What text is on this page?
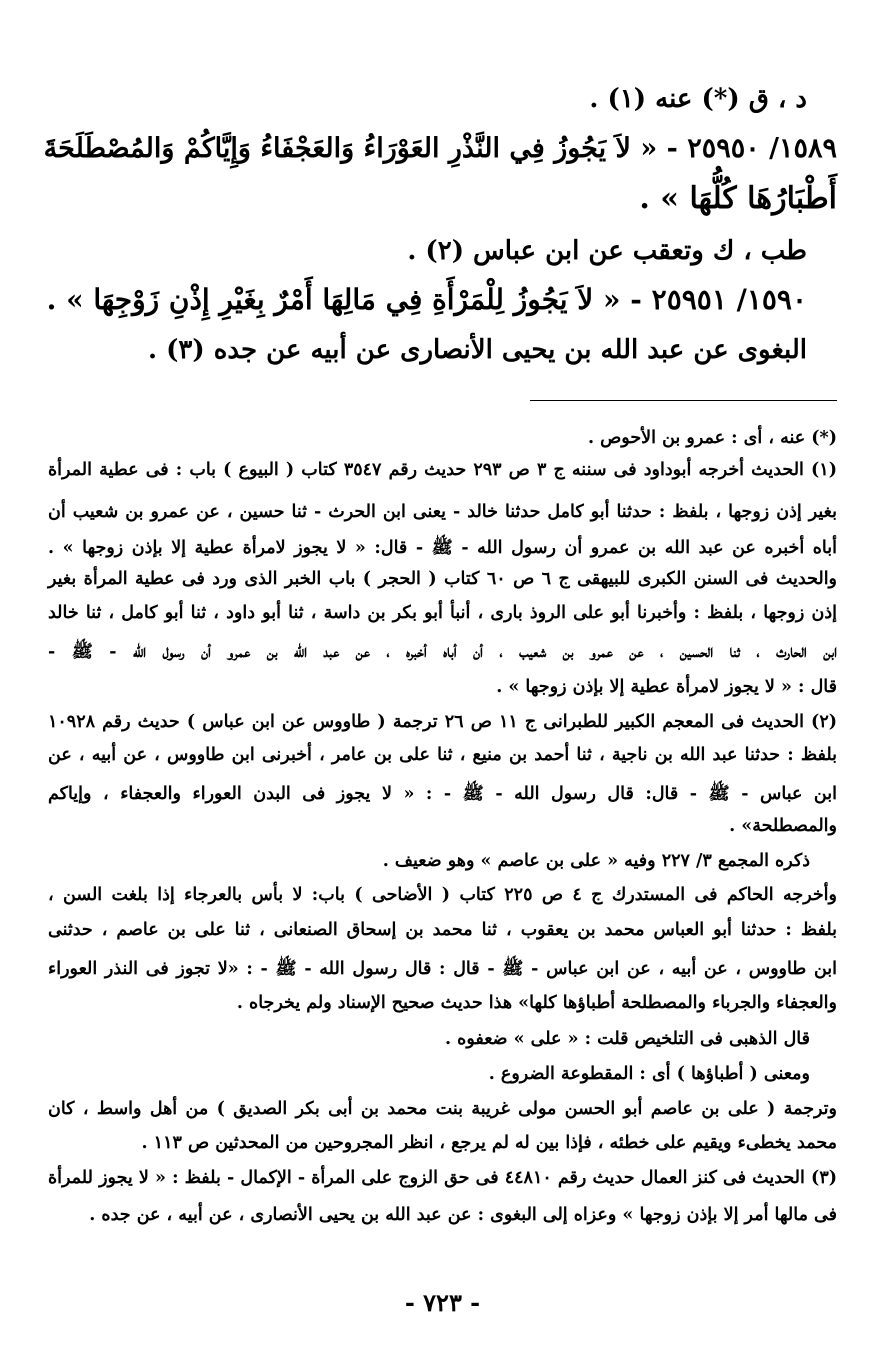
د ، ق (*) عنه (١) .
١٥٨٩/ ٢٥٩٥٠ - « لاَ يَجُوزُ فِي النَّذْرِ العَوْرَاءُ وَالعَجْفَاءُ وَإِيَّاكُمْ وَالمُصْطَلَحَةَ
أَطْبَارُهَا كُلُّهَا » .
طب ، ك وتعقب عن ابن عباس (٢) .
١٥٩٠/ ٢٥٩٥١ - « لاَ يَجُوزُ لِلْمَرْأَةِ فِي مَالِهَا أَمْرٌ بِغَيْرِ إِذْنِ زَوْجِهَا » .
البغوى عن عبد الله بن يحيى الأنصارى عن أبيه عن جده (٣) .
(*) عنه ، أى : عمرو بن الأحوص .
(١) الحديث أخرجه أبوداود فى سننه ج ٣ ص ٢٩٣ حديث رقم ٣٥٤٧ كتاب ( البيوع ) باب : فى عطية المرأة
بغير إذن زوجها ، بلفظ : حدثنا أبو كامل حدثنا خالد - يعنى ابن الحرث - ثنا حسين ، عن عمرو بن شعيب أن
أباه أخبره عن عبد الله بن عمرو أن رسول الله - ﷺ - قال: « لا يجوز لامرأة عطية إلا بإذن زوجها » .
والحديث فى السنن الكبرى للبيهقى ج ٦ ص ٦٠ كتاب ( الحجر ) باب الخبر الذى ورد فى عطية المرأة بغير
إذن زوجها ، بلفظ : وأخبرنا أبو على الروذ بارى ، أنبأ أبو بكر بن داسة ، ثنا أبو داود ، ثنا أبو كامل ، ثنا خالد
ابن الحارث ، ثنا الحسين ، عن عمرو بن شعيب ، أن أباه أخبره ، عن عبد الله بن عمرو أن رسول الله - ﷺ -
قال : « لا يجوز لامرأة عطية إلا بإذن زوجها » .
(٢) الحديث فى المعجم الكبير للطبرانى ج ١١ ص ٢٦ ترجمة ( طاووس عن ابن عباس ) حديث رقم ١٠٩٢٨
بلفظ : حدثنا عبد الله بن ناجية ، ثنا أحمد بن منيع ، ثنا على بن عامر ، أخبرنى ابن طاووس ، عن أبيه ، عن
ابن عباس - ﷺ - قال: قال رسول الله - ﷺ - : « لا يجوز فى البدن العوراء والعجفاء ، وإياكم
والمصطلحة» .
ذكره المجمع ٣/ ٢٢٧ وفيه « على بن عاصم » وهو ضعيف .
وأخرجه الحاكم فى المستدرك ج ٤ ص ٢٢٥ كتاب ( الأضاحى ) باب: لا بأس بالعرجاء إذا بلغت السن ،
بلفظ : حدثنا أبو العباس محمد بن يعقوب ، ثنا محمد بن إسحاق الصنعانى ، ثنا على بن عاصم ، حدثنى
ابن طاووس ، عن أبيه ، عن ابن عباس - ﷺ - قال : قال رسول الله - ﷺ - : «لا تجوز فى النذر العوراء
والعجفاء والجرباء والمصطلحة أطباؤها كلها» هذا حديث صحيح الإسناد ولم يخرجاه .
قال الذهبى فى التلخيص قلت : « على » ضعفوه .
ومعنى ( أطباؤها ) أى : المقطوعة الضروع .
وترجمة ( على بن عاصم أبو الحسن مولى غريبة بنت محمد بن أبى بكر الصديق ) من أهل واسط ، كان
محمد يخطىء ويقيم على خطئه ، فإذا بين له لم يرجع ، انظر المجروحين من المحدثين ص ١١٣ .
(٣) الحديث فى كنز العمال حديث رقم ٤٤٨١٠ فى حق الزوج على المرأة - الإكمال - بلفظ : « لا يجوز للمرأة
فى مالها أمر إلا بإذن زوجها » وعزاه إلى البغوى : عن عبد الله بن يحيى الأنصارى ، عن أبيه ، عن جده .
- ٧٢٣ -
